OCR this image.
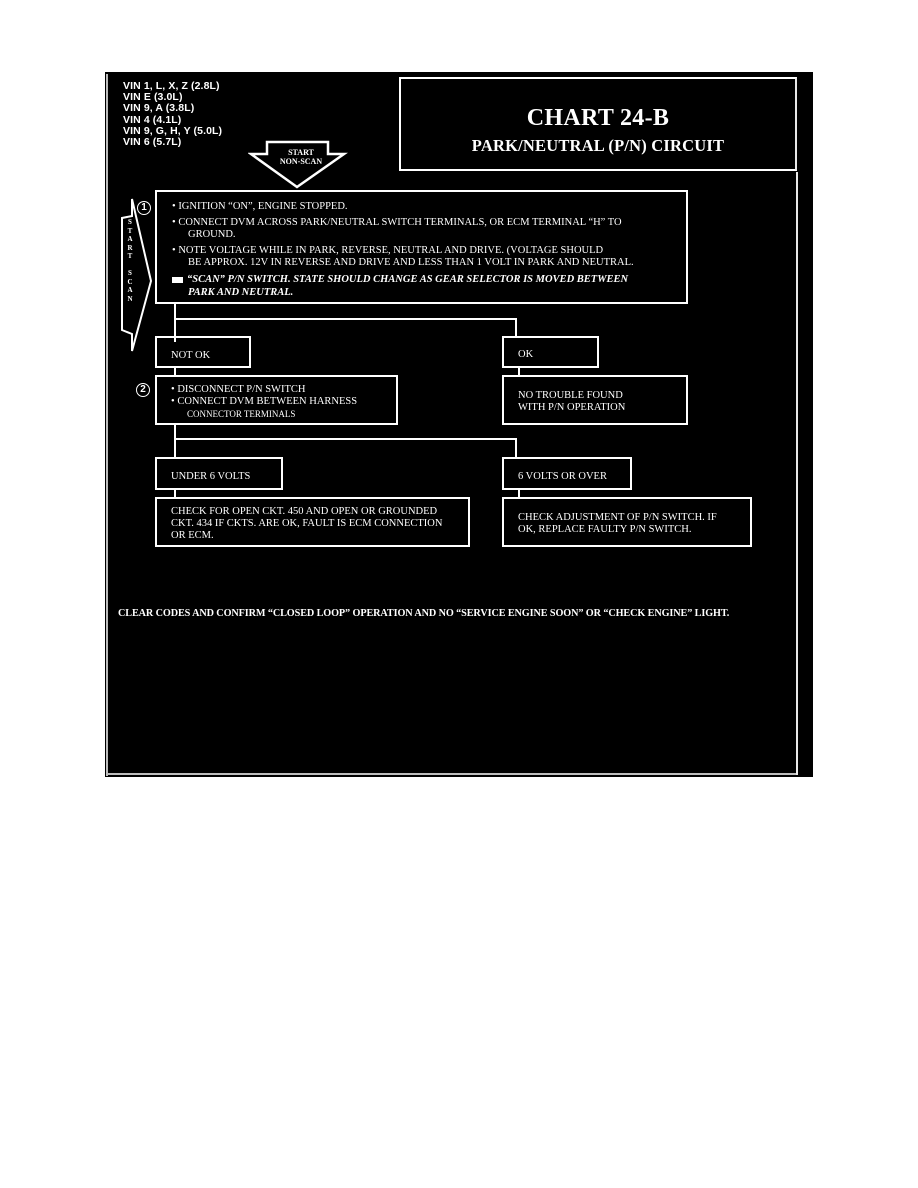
VIN 1, L, X, Z (2.8L)
VIN E (3.0L)
VIN 9, A (3.8L)
VIN 4 (4.1L)
VIN 9, G, H, Y (5.0L)
VIN 6 (5.7L)
CHART 24-B
PARK/NEUTRAL (P/N) CIRCUIT
START
NON-SCAN
S
T
A
R
T
S
C
A
N
1	• IGNITION “ON”, ENGINE STOPPED.
• CONNECT DVM ACROSS PARK/NEUTRAL SWITCH TERMINALS, OR ECM TERMINAL “H” TO
GROUND.
• NOTE VOLTAGE WHILE IN PARK, REVERSE, NEUTRAL AND DRIVE. (VOLTAGE SHOULD
BE APPROX. 12V IN REVERSE AND DRIVE AND LESS THAN 1 VOLT IN PARK AND NEUTRAL.
“SCAN” P/N SWITCH. STATE SHOULD CHANGE AS GEAR SELECTOR IS MOVED BETWEEN
PARK AND NEUTRAL.
NOT OK	OK
NO TROUBLE FOUND
WITH P/N OPERATION
2	• DISCONNECT P/N SWITCH
• CONNECT DVM BETWEEN HARNESS
CONNECTOR TERMINALS
UNDER 6 VOLTS	6 VOLTS OR OVER
CHECK FOR OPEN CKT. 450 AND OPEN OR GROUNDED
CKT. 434 IF CKTS. ARE OK, FAULT IS ECM CONNECTION
OR ECM.
CHECK ADJUSTMENT OF P/N SWITCH. IF
OK, REPLACE FAULTY P/N SWITCH.
CLEAR CODES AND CONFIRM “CLOSED LOOP” OPERATION AND NO “SERVICE ENGINE SOON” OR “CHECK ENGINE” LIGHT.
